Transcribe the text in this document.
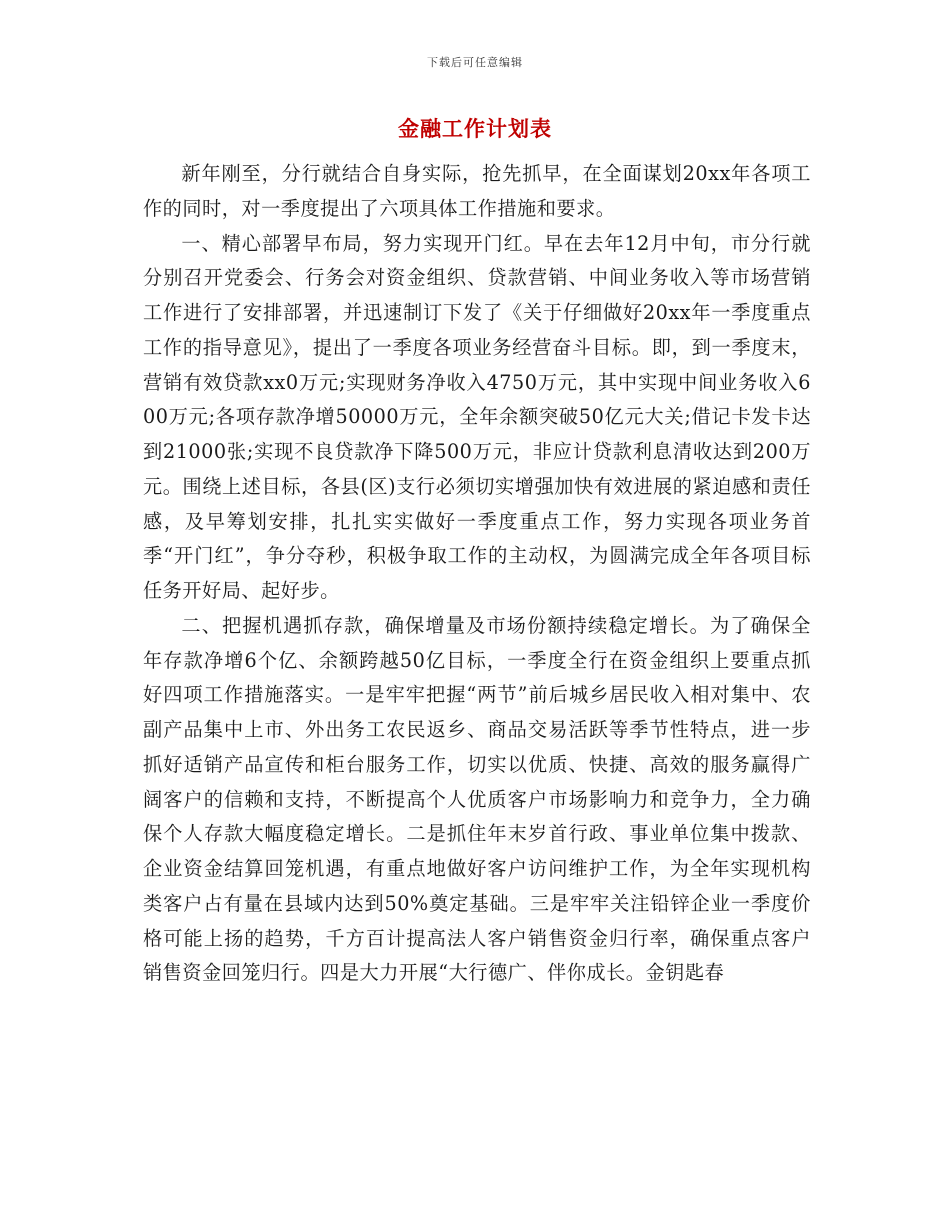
下载后可任意编辑
金融工作计划表

新年刚至，分行就结合自身实际，抢先抓早，在全面谋划20xx年各项工作的同时，对一季度提出了六项具体工作措施和要求。

一、精心部署早布局，努力实现开门红。早在去年12月中旬，市分行就分别召开党委会、行务会对资金组织、贷款营销、中间业务收入等市场营销工作进行了安排部署，并迅速制订下发了《关于仔细做好20xx年一季度重点工作的指导意见》，提出了一季度各项业务经营奋斗目标。即，到一季度末，营销有效贷款xx0万元;实现财务净收入4750万元，其中实现中间业务收入600万元;各项存款净增50000万元，全年余额突破50亿元大关;借记卡发卡达到21000张;实现不良贷款净下降500万元，非应计贷款利息清收达到200万元。围绕上述目标，各县(区)支行必须切实增强加快有效进展的紧迫感和责任感，及早筹划安排，扎扎实实做好一季度重点工作，努力实现各项业务首季“开门红”，争分夺秒，积极争取工作的主动权，为圆满完成全年各项目标任务开好局、起好步。

二、把握机遇抓存款，确保增量及市场份额持续稳定增长。为了确保全年存款净增6个亿、余额跨越50亿目标，一季度全行在资金组织上要重点抓好四项工作措施落实。一是牢牢把握“两节”前后城乡居民收入相对集中、农副产品集中上市、外出务工农民返乡、商品交易活跃等季节性特点，进一步抓好适销产品宣传和柜台服务工作，切实以优质、快捷、高效的服务赢得广阔客户的信赖和支持，不断提高个人优质客户市场影响力和竞争力，全力确保个人存款大幅度稳定增长。二是抓住年末岁首行政、事业单位集中拨款、企业资金结算回笼机遇，有重点地做好客户访问维护工作，为全年实现机构类客户占有量在县域内达到50%奠定基础。三是牢牢关注铅锌企业一季度价格可能上扬的趋势，千方百计提高法人客户销售资金归行率，确保重点客户销售资金回笼归行。四是大力开展“大行德广、伴你成长。金钥匙春
